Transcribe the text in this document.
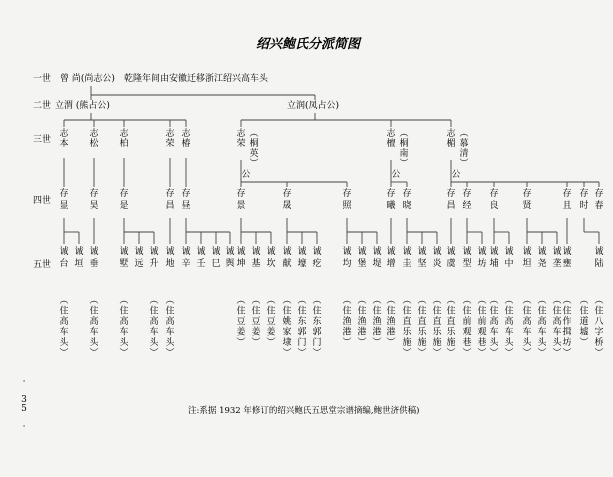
绍兴鲍氏分派简图
一世
二世
三世
四世
五世
曾 尚(尚志公) 乾隆年间由安徽迁移浙江绍兴高车头
立渭 (熊占公)	立润(凤占公)
志本
志松
志柏
志荣
志椿
志荣
︵桐英︶
公
志檀
︵桐南︶
公
志楣
︵慕清︶
公
存显
存昊
存是
存昌
存昼
存景
存晟
存照
存曦
存晓
存昌
存经
存良
存贤
存且
存时
存春
诚台
诚垣
诚垂
诚墅
诚远
诚升
诚地
诚辛
诚壬
诚巳
诚舆
诚坤
诚基
诚坎
诚献
诚壕
诚疙
诚均
诚堡
诚堤
诚增
诚圭
诚坚
诚炎
诚虞
诚型
诚坊
诚埔
诚中
诚坦
诚尧
诚垄
诚壅
诚陆
︵住高车头︶
︵住高车头︶
︵住高车头︶
︵住高车头︶
︵住高车头︶
︵住豆姜︶
︵住豆姜︶
︵住豆姜︶
︵住姚家埭︶
︵住东郭门︶
︵住东郭门︶
︵住渔港︶
︵住渔港︶
︵住渔港︶
︵住渔港︶
︵住直乐施︶
︵住直乐施︶
︵住直乐施︶
︵住直乐施︶
︵住前观巷︶
︵住前观巷︶
︵住高车头︶
︵住高车头︶
︵住高车头︶
︵住高车头︶
︵住高车头︶
︵住作揖坊︶
︵住道墟︶
︵住八字桥︶
· 3 5 ·
注:系据 1932 年修订的绍兴鲍氏五思堂宗谱摘编,鲍世济供稿)
